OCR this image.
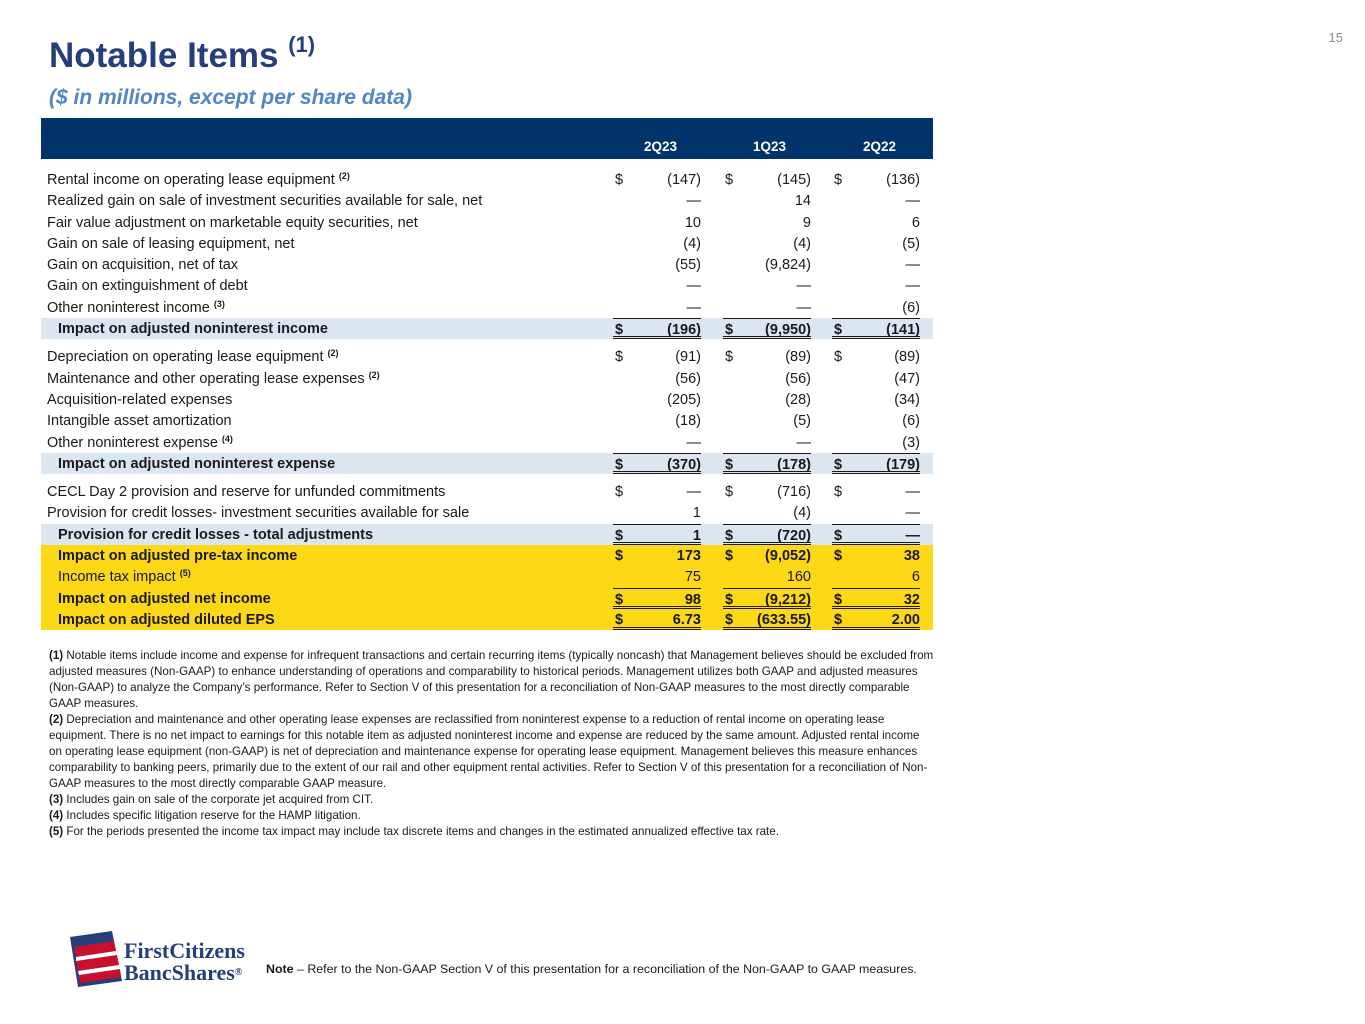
15
Notable Items $^{(1)}$
($ in millions, except per share data)
2Q23	1Q23	2Q22
Rental income on operating lease equipment $^{(2)}$	$	(147) $	(145) $	(136)
Realized gain on sale of investment securities available for sale, net	—	14	—
Fair value adjustment on marketable equity securities, net	10	9	6
Gain on sale of leasing equipment, net	(4)	(4)	(5)
Gain on acquisition, net of tax	(55)	(9,824)	—
Gain on extinguishment of debt	—	—	—
Other noninterest income $^{(3)}$	—	—	(6)
Impact on adjusted noninterest income	$	(196) $ (9,950) $	(141)
Depreciation on operating lease equipment $^{(2)}$	$	(91) $	(89) $	(89)
Maintenance and other operating lease expenses $^{(2)}$	(56)	(56)	(47)
Acquisition-related expenses	(205)	(28)	(34)
Intangible asset amortization	(18)	(5)	(6)
Other noninterest expense $^{(4)}$	—	—	(3)
Impact on adjusted noninterest expense	$	(370) $	(178) $	(179)
CECL Day 2 provision and reserve for unfunded commitments	$	— $	(716) $	—
Provision for credit losses- investment securities available for sale	1	(4)	—
Provision for credit losses - total adjustments	$	1 $	(720) $	—
Impact on adjusted pre-tax income	$	173 $ (9,052) $	38
Income tax impact $^{(5)}$	75	160	6
Impact on adjusted net income	$	98 $ (9,212) $	32
Impact on adjusted diluted EPS	$	6.73 $ (633.55) $	2.00

(1) Notable items include income and expense for infrequent transactions and certain recurring items (typically noncash) that Management believes should be excluded from adjusted measures (Non-GAAP) to enhance understanding of operations and comparability to historical periods. Management utilizes both GAAP and adjusted measures (Non-GAAP) to analyze the Company’s performance. Refer to Section V of this presentation for a reconciliation of Non-GAAP measures to the most directly comparable GAAP measures.

(2) Depreciation and maintenance and other operating lease expenses are reclassified from noninterest expense to a reduction of rental income on operating lease equipment. There is no net impact to earnings for this notable item as adjusted noninterest income and expense are reduced by the same amount. Adjusted rental income on operating lease equipment (non-GAAP) is net of depreciation and maintenance expense for operating lease equipment. Management believes this measure enhances comparability to banking peers, primarily due to the extent of our rail and other equipment rental activities. Refer to Section V of this presentation for a reconciliation of Non-GAAP measures to the most directly comparable GAAP measure.

(3) Includes gain on sale of the corporate jet acquired from CIT.

(4) Includes specific litigation reserve for the HAMP litigation.

(5) For the periods presented the income tax impact may include tax discrete items and changes in the estimated annualized effective tax rate.

FirstCitizens
BancShares® Note – Refer to the Non-GAAP Section V of this presentation for a reconciliation of the Non-GAAP to GAAP measures.
